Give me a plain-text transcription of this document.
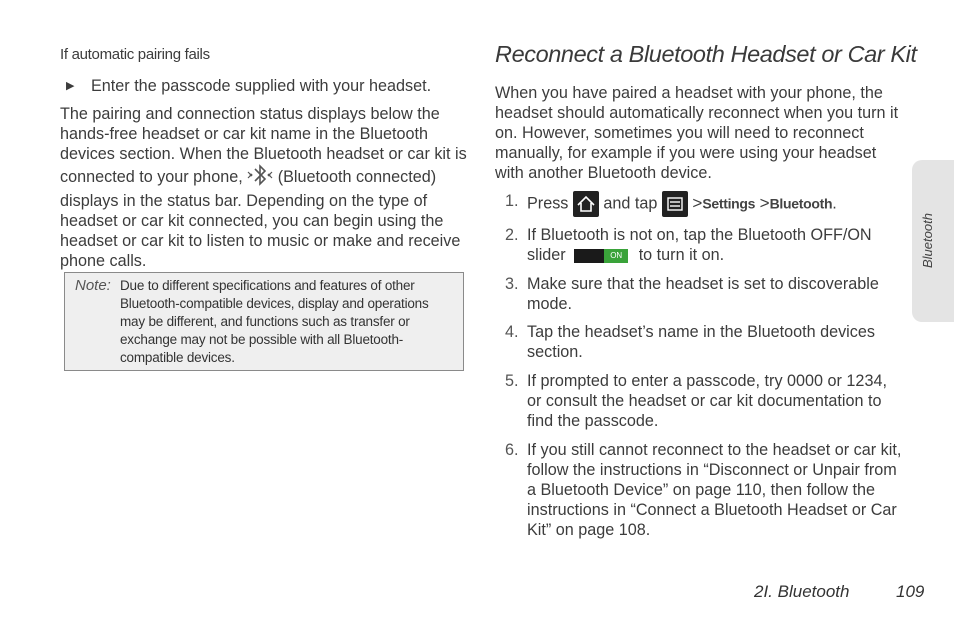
If automatic pairing fails
▶ Enter the passcode supplied with your headset.
The pairing and connection status displays below the hands-free headset or car kit name in the Bluetooth devices section. When the Bluetooth headset or car kit is connected to your phone, (Bluetooth connected) displays in the status bar. Depending on the type of headset or car kit connected, you can begin using the headset or car kit to listen to music or make and receive phone calls.
Note: Due to different specifications and features of other Bluetooth-compatible devices, display and operations may be different, and functions such as transfer or exchange may not be possible with all Bluetooth-compatible devices.
Reconnect a Bluetooth Headset or Car Kit
When you have paired a headset with your phone, the headset should automatically reconnect when you turn it on. However, sometimes you will need to reconnect manually, for example if you were using your headset with another Bluetooth device.
1. Press and tap >Settings >Bluetooth.
2. If Bluetooth is not on, tap the Bluetooth OFF/ON slider	ON	to turn it on.
3. Make sure that the headset is set to discoverable mode.
4. Tap the headset’s name in the Bluetooth devices section.
5. If prompted to enter a passcode, try 0000 or 1234, or consult the headset or car kit documentation to find the passcode.
6. If you still cannot reconnect to the headset or car kit, follow the instructions in “Disconnect or Unpair from a Bluetooth Device” on page 110, then follow the instructions in “Connect a Bluetooth Headset or Car Kit” on page 108.
Bluetooth
2I. Bluetooth	109
